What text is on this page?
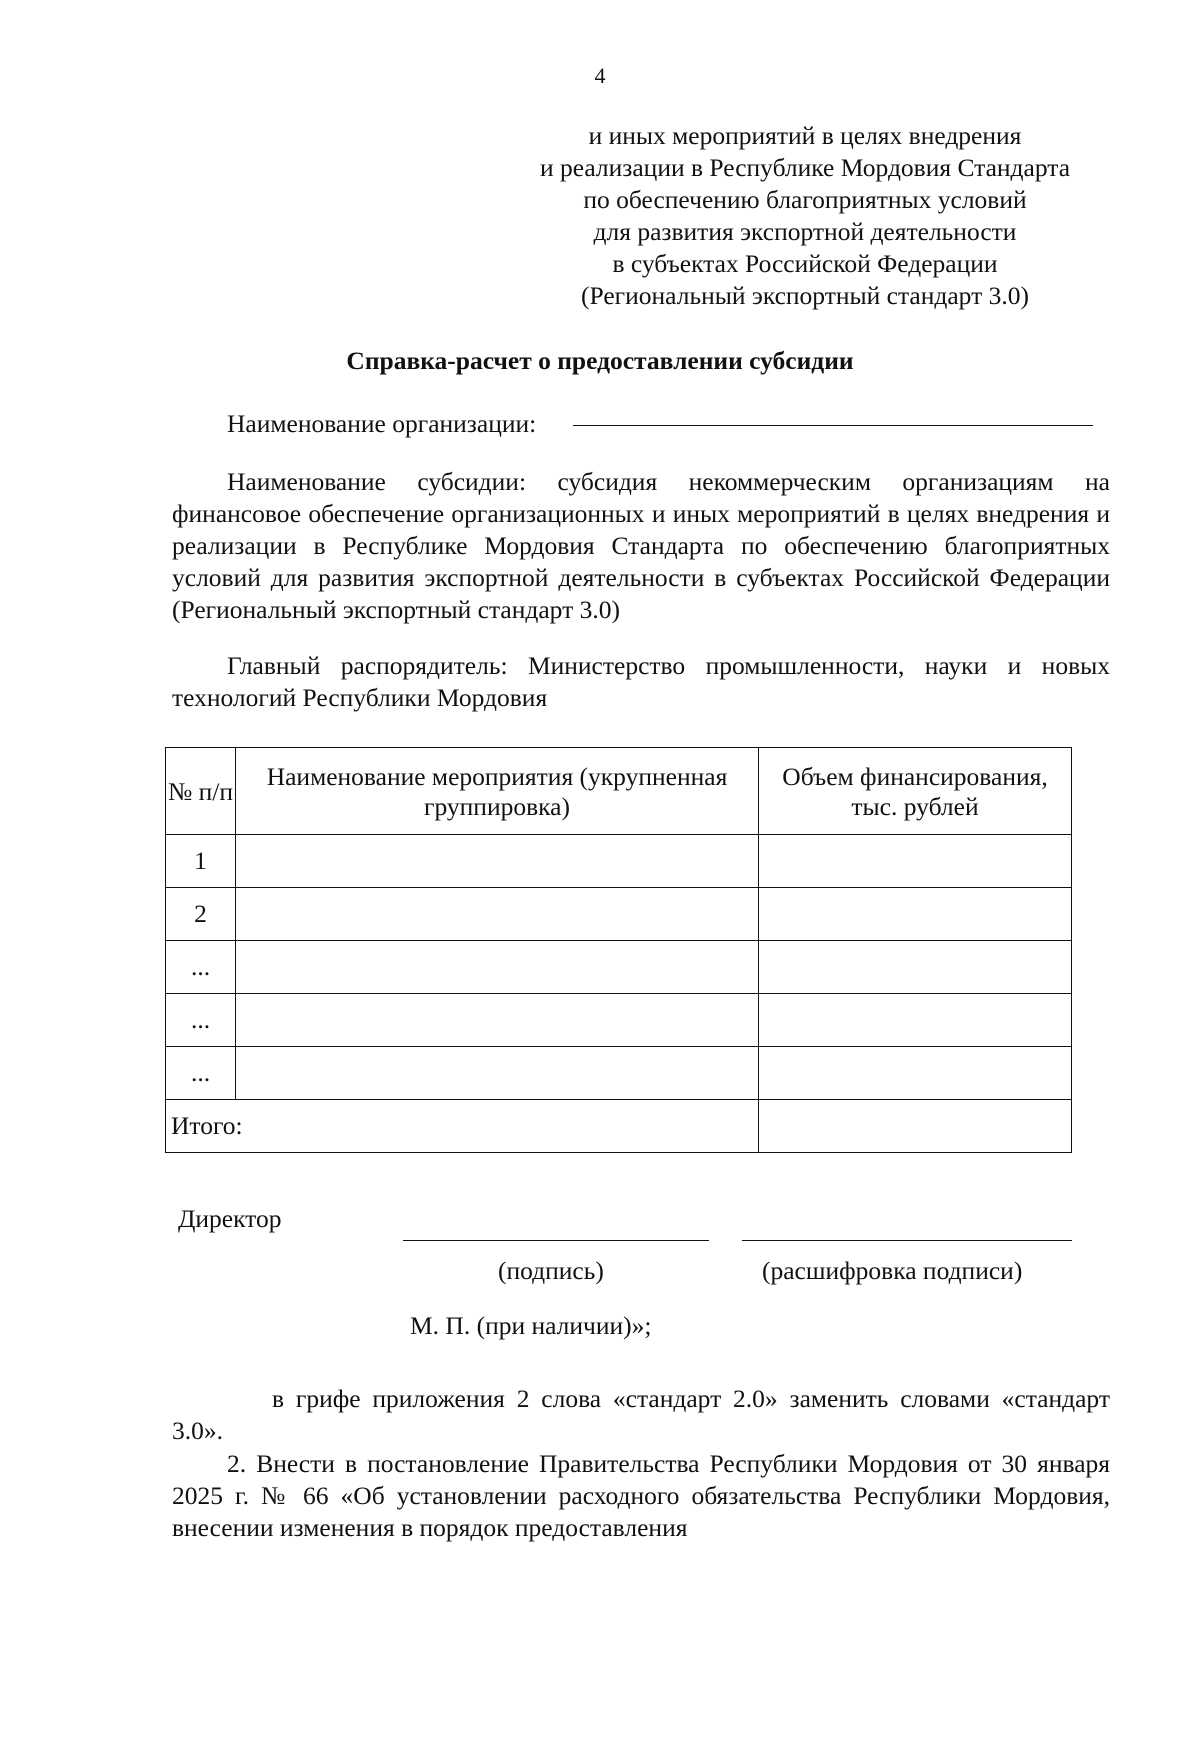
4
и иных мероприятий в целях внедрения
и реализации в Республике Мордовия Стандарта
по обеспечению благоприятных условий
для развития экспортной деятельности
в субъектах Российской Федерации
(Региональный экспортный стандарт 3.0)
Справка-расчет о предоставлении субсидии
Наименование организации:
Наименование субсидии: субсидия некоммерческим организациям на финансовое обеспечение организационных и иных мероприятий в целях внедрения и реализации в Республике Мордовия Стандарта по обеспечению благоприятных условий для развития экспортной деятельности в субъектах Российской Федерации (Региональный экспортный стандарт 3.0)
Главный распорядитель: Министерство промышленности, науки и новых технологий Республики Мордовия
№ п/п	Наименование мероприятия (укрупненная группировка)	Объем финансирования, тыс. рублей
1		
2		
...		
...		
...		
Итого:		
Директор
(подпись)	(расшифровка подписи)
М. П. (при наличии)»;
в грифе приложения 2 слова «стандарт 2.0» заменить словами «стандарт 3.0».
2. Внести в постановление Правительства Республики Мордовия от 30 января 2025 г. № 66 «Об установлении расходного обязательства Республики Мордовия, внесении изменения в порядок предоставления
